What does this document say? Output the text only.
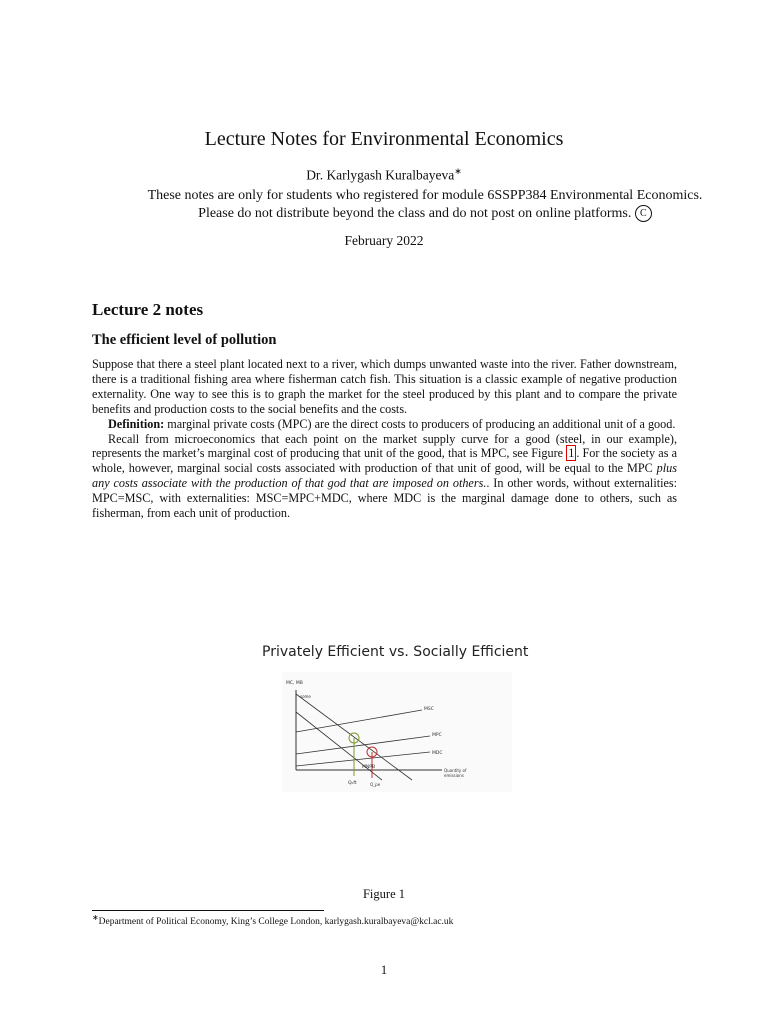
Lecture Notes for Environmental Economics
Dr. Karlygash Kuralbayeva∗
These notes are only for students who registered for module 6SSPP384 Environmental Economics.
Please do not distribute beyond the class and do not post on online platforms. C
February 2022
Lecture 2 notes
The efficient level of pollution

Suppose that there a steel plant located next to a river, which dumps unwanted waste into the river. Father downstream, there is a traditional fishing area where fisherman catch fish. This situation is a classic example of negative production externality. One way to see this is to graph the market for the steel produced by this plant and to compare the private benefits and production costs to the social benefits and the costs.

Definition: marginal private costs (MPC) are the direct costs to producers of producing an additional unit of a good.

Recall from microeconomics that each point on the market supply curve for a good (steel, in our example), represents the market’s marginal cost of producing that unit of the good, that is MPC, see Figure 1 . For the society as a whole, however, marginal social costs associated with production of that unit of good, will be equal to the MPC plus any costs associate with the production of that god that are imposed on others.. In other words, without externalities: MPC=MSC, with externalities: MSC=MPC+MDC, where MDC is the marginal damage done to others, such as fisherman, from each unit of production.

Privately Efficient vs. Socially Efficient
MC, MB
some
MSC
MPC
MDC
MNPB
Quantity of
emissions
Q₀ft	Q_pe
Figure 1
∗Department of Political Economy, King’s College London, karlygash.kuralbayeva@kcl.ac.uk
1
